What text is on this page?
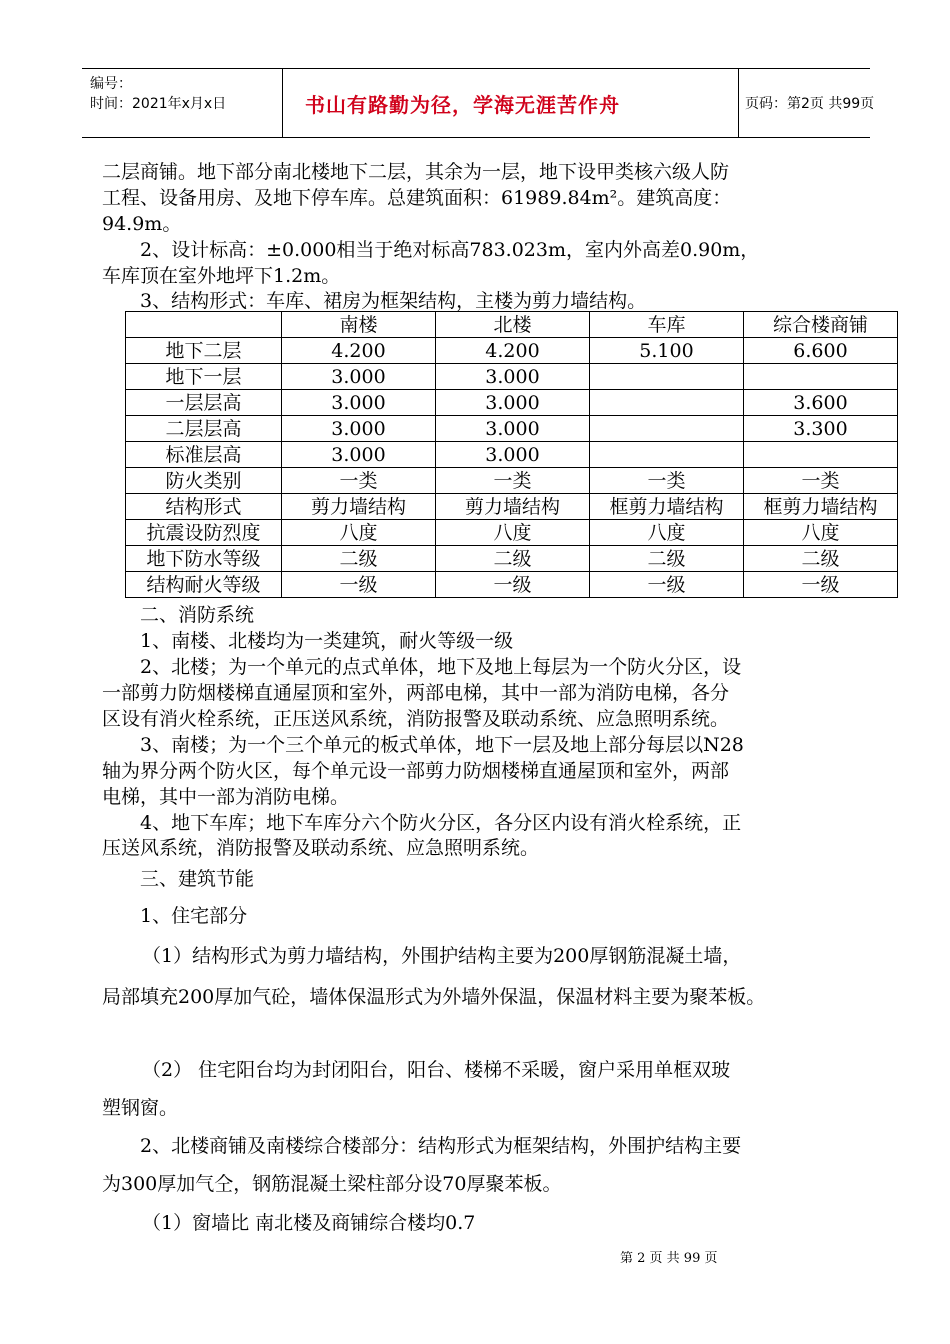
编号：
时间：2021年x月x日	书山有路勤为径，学海无涯苦作舟	页码：第2页 共99页
二层商铺。地下部分南北楼地下二层，其余为一层，地下设甲类核六级人防
工程、设备用房、及地下停车库。总建筑面积：61989.84m²。建筑高度：
94.9m。
2、设计标高：±0.000相当于绝对标高783.023m，室内外高差0.90m，
车库顶在室外地坪下1.2m。
3、结构形式：车库、裙房为框架结构，主楼为剪力墙结构。
	南楼	北楼	车库	综合楼商铺
地下二层	4.200	4.200	5.100	6.600
地下一层	3.000	3.000		
一层层高	3.000	3.000		3.600
二层层高	3.000	3.000		3.300
标准层高	3.000	3.000		
防火类别	一类	一类	一类	一类
结构形式	剪力墙结构	剪力墙结构	框剪力墙结构	框剪力墙结构
抗震设防烈度	八度	八度	八度	八度
地下防水等级	二级	二级	二级	二级
结构耐火等级	一级	一级	一级	一级
二、消防系统
1、南楼、北楼均为一类建筑，耐火等级一级
2、北楼；为一个单元的点式单体，地下及地上每层为一个防火分区，设
一部剪力防烟楼梯直通屋顶和室外，两部电梯，其中一部为消防电梯，各分
区设有消火栓系统，正压送风系统，消防报警及联动系统、应急照明系统。
3、南楼；为一个三个单元的板式单体，地下一层及地上部分每层以N28
轴为界分两个防火区，每个单元设一部剪力防烟楼梯直通屋顶和室外，两部
电梯，其中一部为消防电梯。
4、地下车库；地下车库分六个防火分区，各分区内设有消火栓系统，正
压送风系统，消防报警及联动系统、应急照明系统。
三、建筑节能
1、住宅部分
（1）结构形式为剪力墙结构，外围护结构主要为200厚钢筋混凝土墙，
局部填充200厚加气砼，墙体保温形式为外墙外保温，保温材料主要为聚苯板。
（2） 住宅阳台均为封闭阳台，阳台、楼梯不采暖，窗户采用单框双玻
塑钢窗。
2、北楼商铺及南楼综合楼部分：结构形式为框架结构，外围护结构主要
为300厚加气仝，钢筋混凝土梁柱部分设70厚聚苯板。
（1）窗墙比 南北楼及商铺综合楼均0.7
第 2 页 共 99 页
